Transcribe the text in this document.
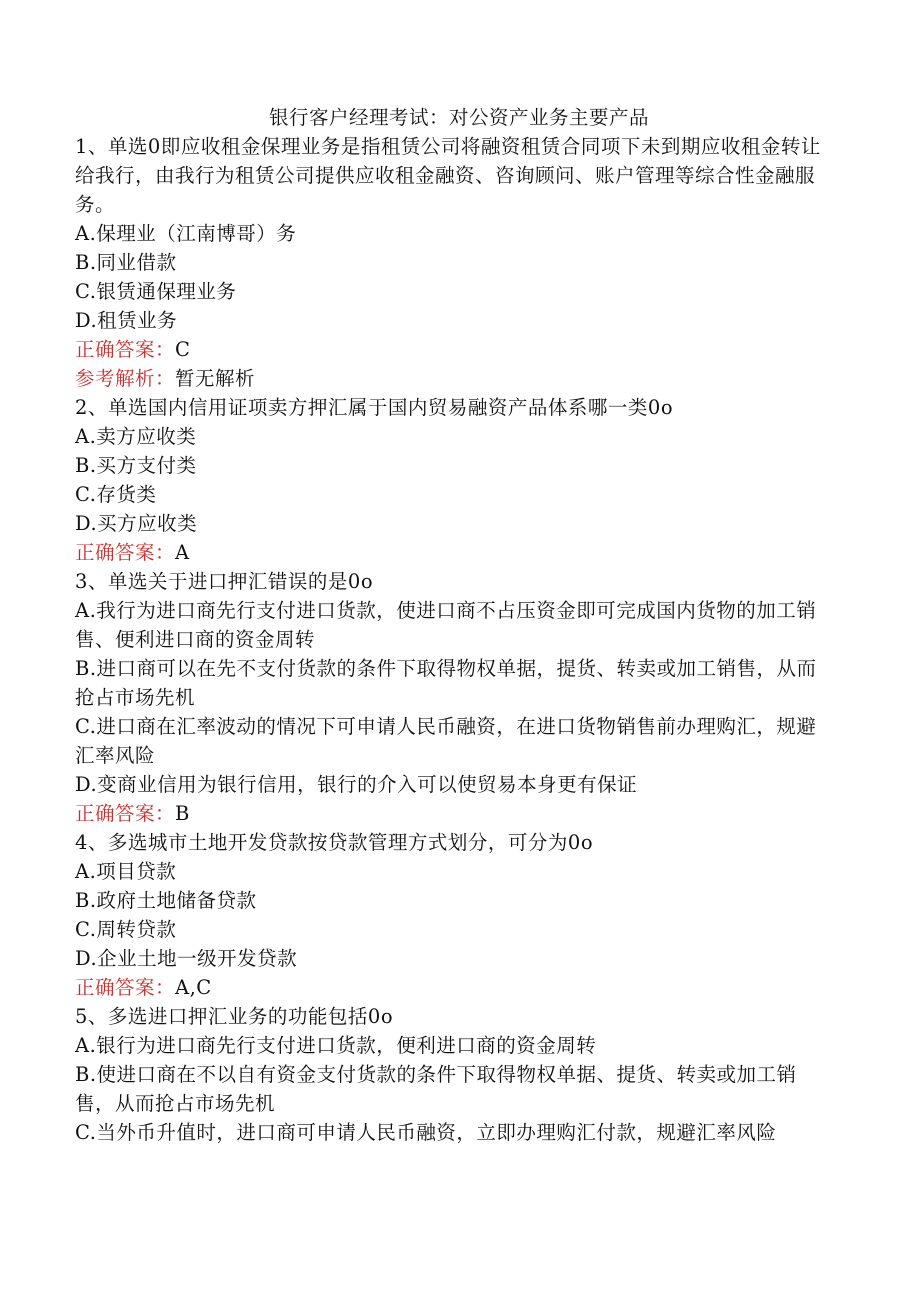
银行客户经理考试：对公资产业务主要产品
1、单选0即应收租金保理业务是指租赁公司将融资租赁合同项下未到期应收租金转让给我行，由我行为租赁公司提供应收租金融资、咨询顾问、账户管理等综合性金融服务。
A.保理业（江南博哥）务
B.同业借款
C.银赁通保理业务
D.租赁业务
正确答案：C
参考解析：暂无解析
2、单选国内信用证项卖方押汇属于国内贸易融资产品体系哪一类0o
A.卖方应收类
B.买方支付类
C.存货类
D.买方应收类
正确答案：A
3、单选关于进口押汇错误的是0o
A.我行为进口商先行支付进口货款，使进口商不占压资金即可完成国内货物的加工销售、便利进口商的资金周转
B.进口商可以在先不支付货款的条件下取得物权单据，提货、转卖或加工销售，从而抢占市场先机
C.进口商在汇率波动的情况下可申请人民币融资，在进口货物销售前办理购汇，规避汇率风险
D.变商业信用为银行信用，银行的介入可以使贸易本身更有保证
正确答案：B
4、多选城市土地开发贷款按贷款管理方式划分，可分为0o
A.项目贷款
B.政府土地储备贷款
C.周转贷款
D.企业土地一级开发贷款
正确答案：A,C
5、多选进口押汇业务的功能包括0o
A.银行为进口商先行支付进口货款，便利进口商的资金周转
B.使进口商在不以自有资金支付货款的条件下取得物权单据、提货、转卖或加工销售，从而抢占市场先机
C.当外币升值时，进口商可申请人民币融资，立即办理购汇付款，规避汇率风险
